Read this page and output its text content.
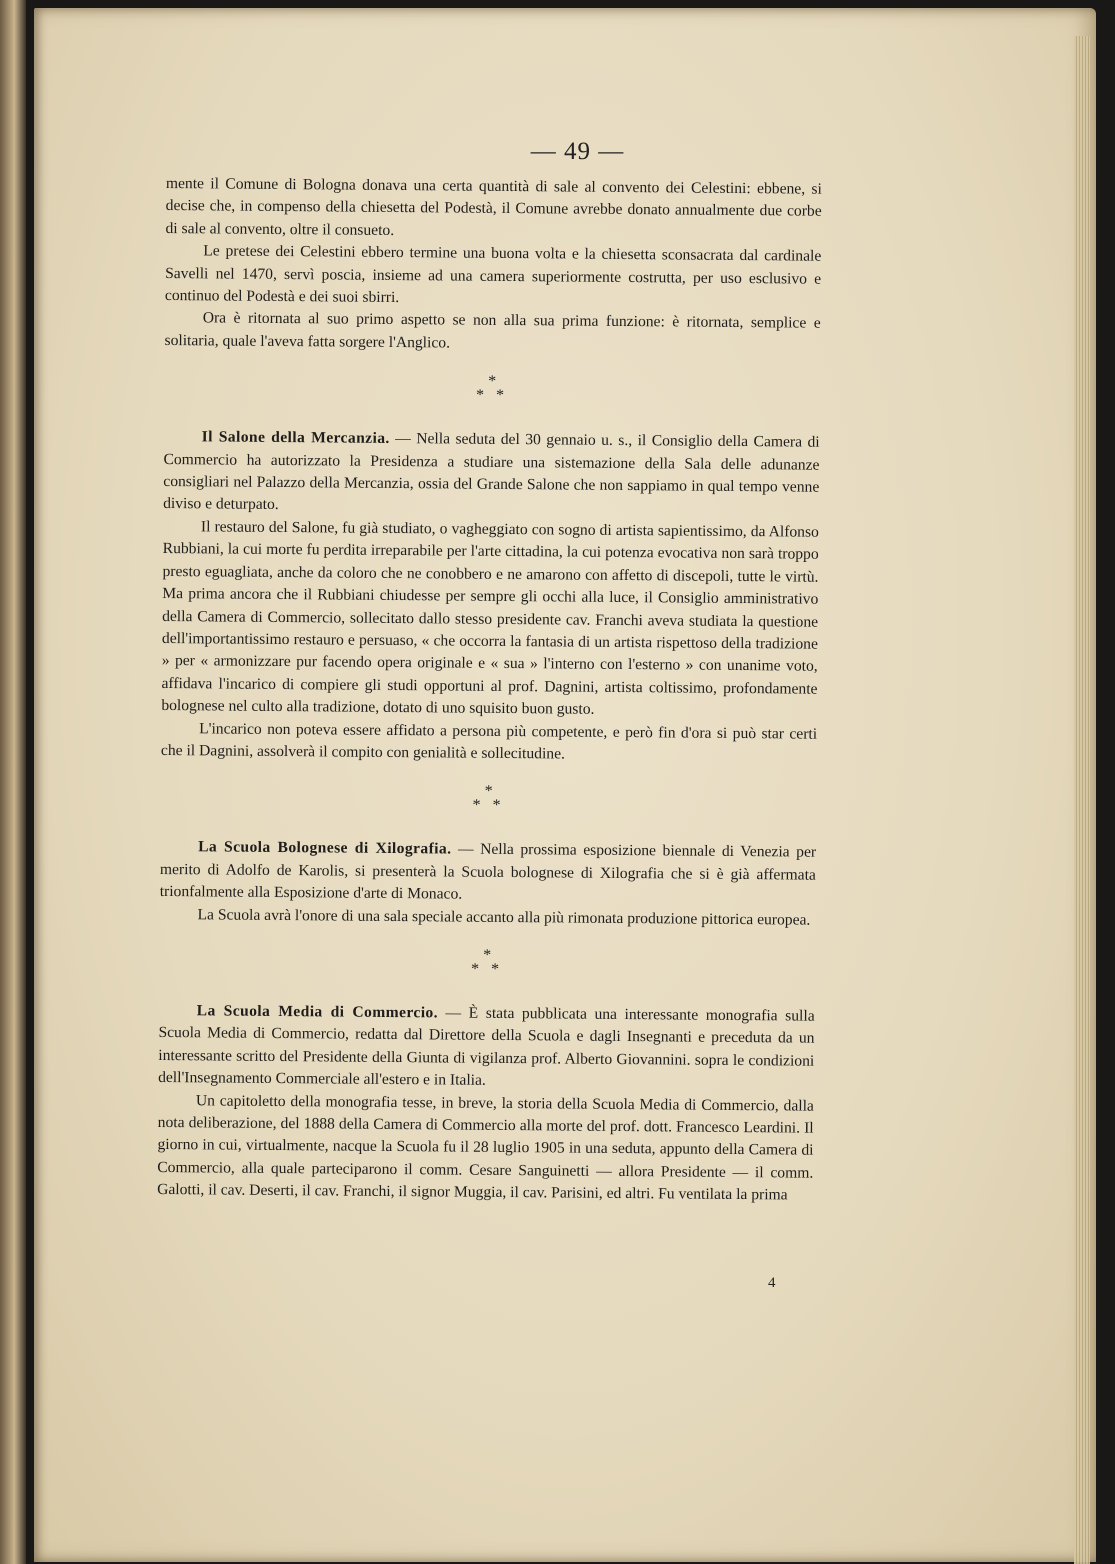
— 49 —

mente il Comune di Bologna donava una certa quantità di sale al convento dei Celestini: ebbene, si decise che, in compenso della chiesetta del Podestà, il Comune avrebbe donato annualmente due corbe di sale al convento, oltre il consueto.

Le pretese dei Celestini ebbero termine una buona volta e la chiesetta sconsacrata dal cardinale Savelli nel 1470, servì poscia, insieme ad una camera superiormente costrutta, per uso esclusivo e continuo del Podestà e dei suoi sbirri.

Ora è ritornata al suo primo aspetto se non alla sua prima funzione: è ritornata, semplice e solitaria, quale l'aveva fatta sorgere l'Anglico.

*
* *

Il Salone della Mercanzia. — Nella seduta del 30 gennaio u. s., il Consiglio della Camera di Commercio ha autorizzato la Presidenza a studiare una sistemazione della Sala delle adunanze consigliari nel Palazzo della Mercanzia, ossia del Grande Salone che non sappiamo in qual tempo venne diviso e deturpato.

Il restauro del Salone, fu già studiato, o vagheggiato con sogno di artista sapientissimo, da Alfonso Rubbiani, la cui morte fu perdita irreparabile per l'arte cittadina, la cui potenza evocativa non sarà troppo presto eguagliata, anche da coloro che ne conobbero e ne amarono con affetto di discepoli, tutte le virtù. Ma prima ancora che il Rubbiani chiudesse per sempre gli occhi alla luce, il Consiglio amministrativo della Camera di Commercio, sollecitato dallo stesso presidente cav. Franchi aveva studiata la questione dell'importantissimo restauro e persuaso, « che occorra la fantasia di un artista rispettoso della tradizione » per « armonizzare pur facendo opera originale e « sua » l'interno con l'esterno » con unanime voto, affidava l'incarico di compiere gli studi opportuni al prof. Dagnini, artista coltissimo, profondamente bolognese nel culto alla tradizione, dotato di uno squisito buon gusto.

L'incarico non poteva essere affidato a persona più competente, e però fin d'ora si può star certi che il Dagnini, assolverà il compito con genialità e sollecitudine.

*
* *

La Scuola Bolognese di Xilografia. — Nella prossima esposizione biennale di Venezia per merito di Adolfo de Karolis, si presenterà la Scuola bolognese di Xilografia che si è già affermata trionfalmente alla Esposizione d'arte di Monaco.

La Scuola avrà l'onore di una sala speciale accanto alla più rimonata produzione pittorica europea.

*
* *

La Scuola Media di Commercio. — È stata pubblicata una interessante monografia sulla Scuola Media di Commercio, redatta dal Direttore della Scuola e dagli Insegnanti e preceduta da un interessante scritto del Presidente della Giunta di vigilanza prof. Alberto Giovannini. sopra le condizioni dell'Insegnamento Commerciale all'estero e in Italia.

Un capitoletto della monografia tesse, in breve, la storia della Scuola Media di Commercio, dalla nota deliberazione, del 1888 della Camera di Commercio alla morte del prof. dott. Francesco Leardini. Il giorno in cui, virtualmente, nacque la Scuola fu il 28 luglio 1905 in una seduta, appunto della Camera di Commercio, alla quale parteciparono il comm. Cesare Sanguinetti — allora Presidente — il comm. Galotti, il cav. Deserti, il cav. Franchi, il signor Muggia, il cav. Parisini, ed altri. Fu ventilata la prima

4
